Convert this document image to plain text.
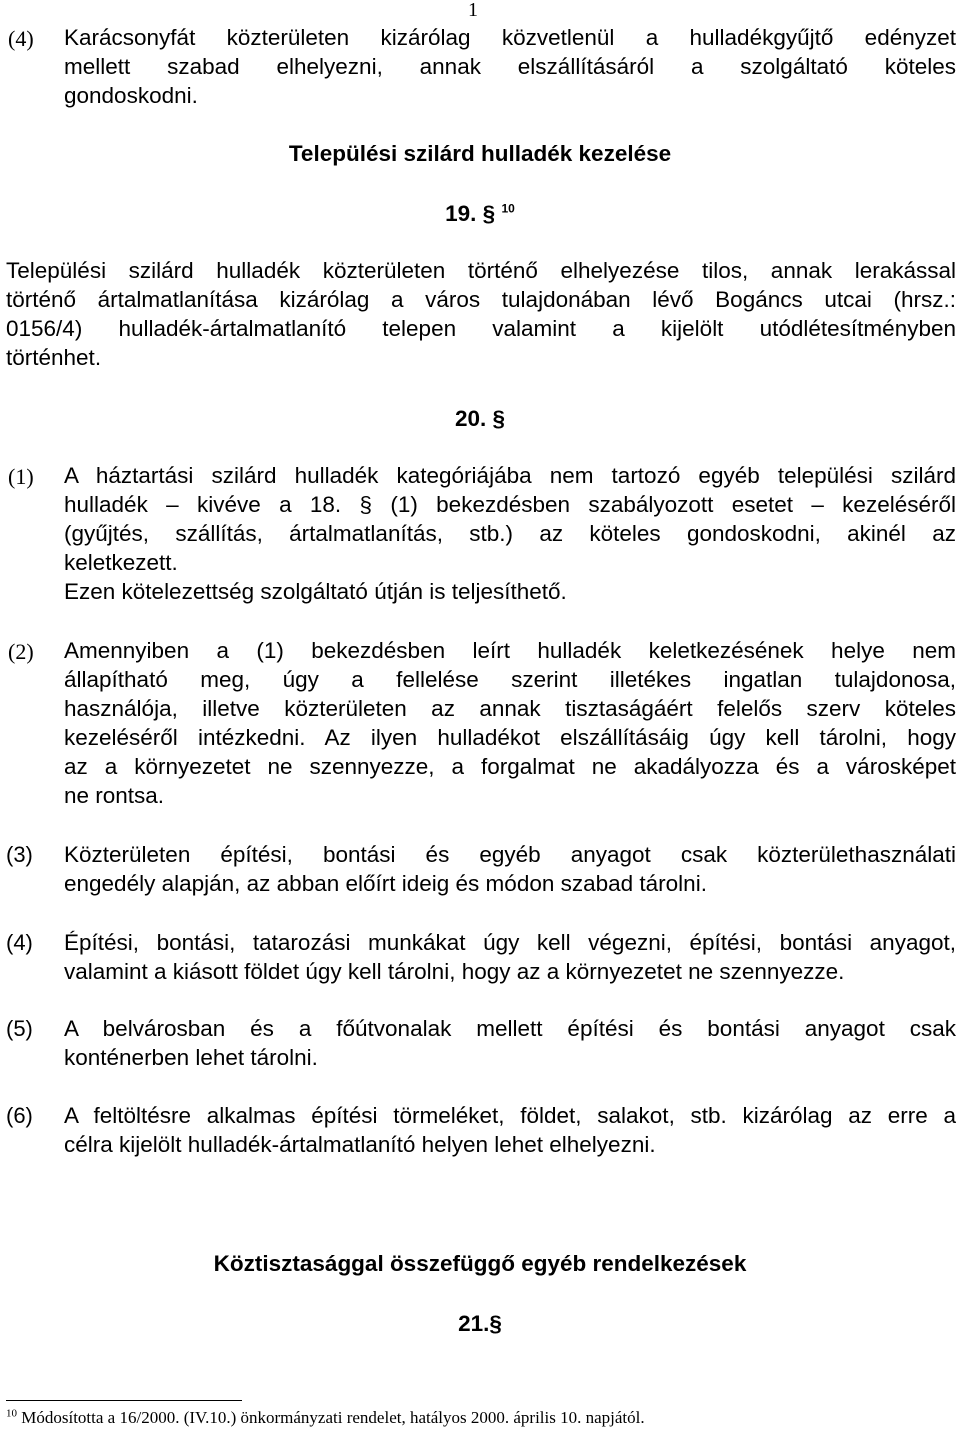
1
(4) Karácsonyfát közterületen kizárólag közvetlenül a hulladékgyűjtő edényzet
mellett szabad elhelyezni, annak elszállításáról a szolgáltató köteles
gondoskodni.
Települési szilárd hulladék kezelése
19. § $^{10}$
Települési szilárd hulladék közterületen történő elhelyezése tilos, annak lerakással
történő ártalmatlanítása kizárólag a város tulajdonában lévő Bogáncs utcai (hrsz.:
0156/4) hulladék-ártalmatlanító telepen valamint a kijelölt utódlétesítményben
történhet.
20. §
(1) A háztartási szilárd hulladék kategóriájába nem tartozó egyéb települési szilárd
hulladék – kivéve a 18. § (1) bekezdésben szabályozott esetet – kezeléséről
(gyűjtés, szállítás, ártalmatlanítás, stb.) az köteles gondoskodni, akinél az
keletkezett.
Ezen kötelezettség szolgáltató útján is teljesíthető.
(2) Amennyiben a (1) bekezdésben leírt hulladék keletkezésének helye nem
állapítható meg, úgy a fellelése szerint illetékes ingatlan tulajdonosa,
használója, illetve közterületen az annak tisztaságáért felelős szerv köteles
kezeléséről intézkedni. Az ilyen hulladékot elszállításáig úgy kell tárolni, hogy
az a környezetet ne szennyezze, a forgalmat ne akadályozza és a városképet
ne rontsa.
(3) Közterületen építési, bontási és egyéb anyagot csak közterülethasználati
engedély alapján, az abban előírt ideig és módon szabad tárolni.
(4) Építési, bontási, tatarozási munkákat úgy kell végezni, építési, bontási anyagot,
valamint a kiásott földet úgy kell tárolni, hogy az a környezetet ne szennyezze.
(5) A belvárosban és a főútvonalak mellett építési és bontási anyagot csak
konténerben lehet tárolni.
(6) A feltöltésre alkalmas építési törmeléket, földet, salakot, stb. kizárólag az erre a
célra kijelölt hulladék-ártalmatlanító helyen lehet elhelyezni.
Köztisztasággal összefüggő egyéb rendelkezések
21.§
$^{10}$ Módosította a 16/2000. (IV.10.) önkormányzati rendelet, hatályos 2000. április 10. napjától.
